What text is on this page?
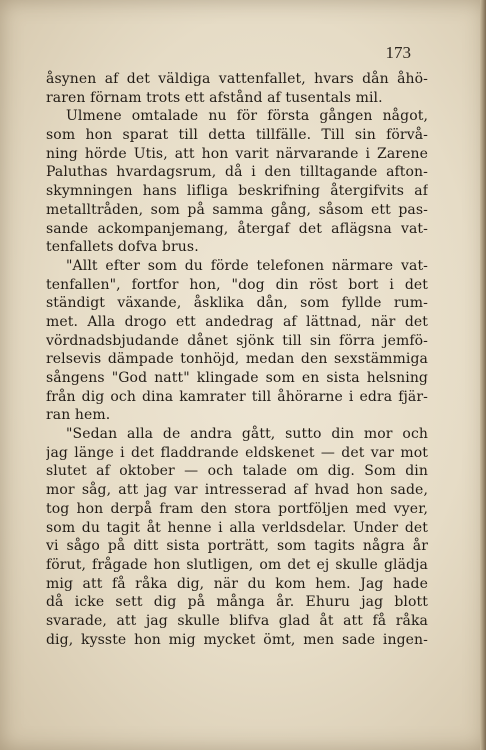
173
åsynen af det väldiga vattenfallet, hvars dån åhö-
raren förnam trots ett afstånd af tusentals mil.
Ulmene omtalade nu för första gången något,
som hon sparat till detta tillfälle. Till sin förvå-
ning hörde Utis, att hon varit närvarande i Zarene
Paluthas hvardagsrum, då i den tilltagande afton-
skymningen hans lifliga beskrifning återgifvits af
metalltråden, som på samma gång, såsom ett pas-
sande ackompanjemang, återgaf det aflägsna vat-
tenfallets dofva brus.
"Allt efter som du förde telefonen närmare vat-
tenfallen", fortfor hon, "dog din röst bort i det
ständigt växande, åsklika dån, som fyllde rum-
met. Alla drogo ett andedrag af lättnad, när det
vördnadsbjudande dånet sjönk till sin förra jemfö-
relsevis dämpade tonhöjd, medan den sexstämmiga
sångens "God natt" klingade som en sista helsning
från dig och dina kamrater till åhörarne i edra fjär-
ran hem.
"Sedan alla de andra gått, sutto din mor och
jag länge i det fladdrande eldskenet — det var mot
slutet af oktober — och talade om dig. Som din
mor såg, att jag var intresserad af hvad hon sade,
tog hon derpå fram den stora portföljen med vyer,
som du tagit åt henne i alla verldsdelar. Under det
vi sågo på ditt sista porträtt, som tagits några år
förut, frågade hon slutligen, om det ej skulle glädja
mig att få råka dig, när du kom hem. Jag hade
då icke sett dig på många år. Ehuru jag blott
svarade, att jag skulle blifva glad åt att få råka
dig, kysste hon mig mycket ömt, men sade ingen-
